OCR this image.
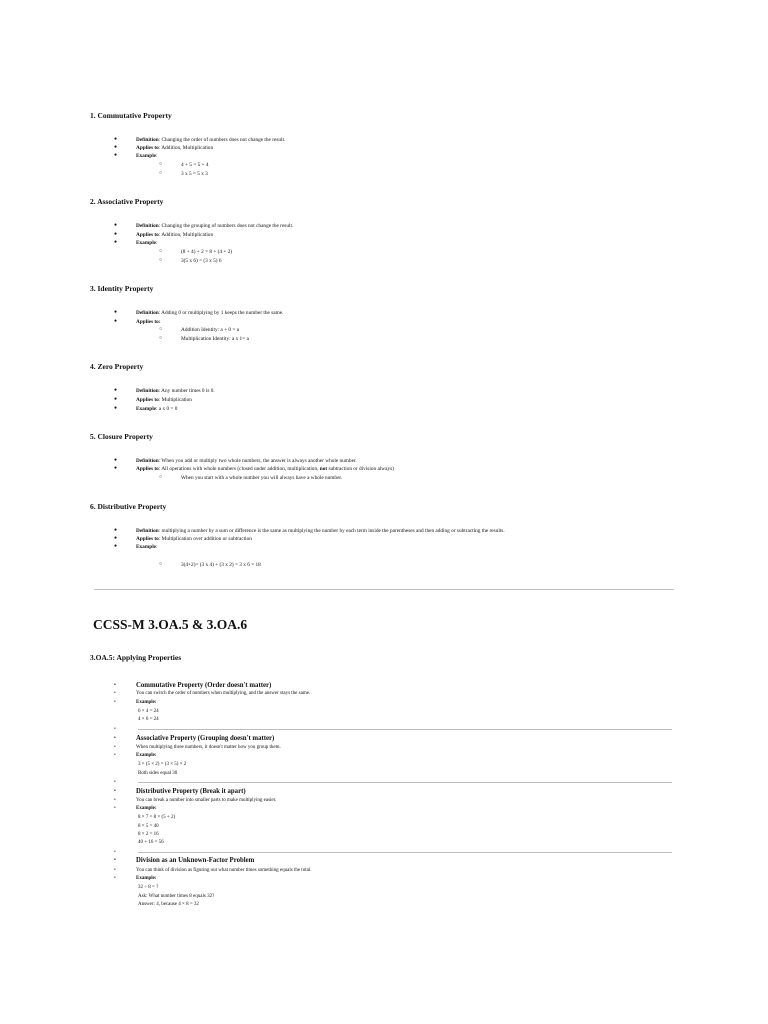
1. Commutative Property
●	Definition: Changing the order of numbers does not change the result.
●	Applies to: Addition, Multiplication
●	Example:
○	4 + 5 = 5 + 4
○	3 x 5 = 5 x 3
2. Associative Property
●	Definition: Changing the grouping of numbers does not change the result.
●	Applies to: Addition, Multiplication
●	Example:
○	(8 + 4) + 2 = 8 + (4 + 2)
○	3(5 x 6) = (3 x 5) 6
3. Identity Property
●	Definition: Adding 0 or multiplying by 1 keeps the number the same.
●	Applies to:
○	Addition Identity: a + 0 = a
○	Multiplication Identity: a x 1= a
4. Zero Property
●	Definition: Any number times 0 is 0.
●	Applies to: Multiplication
●	Example: a x 0 = 0
5. Closure Property
●	Definition: When you add or multiply two whole numbers, the answer is always another whole number.
●	Applies to: All operations with whole numbers (closed under addition, multiplication, not subtraction or division always)
○	When you start with a whole number you will always have a whole number.
6. Distributive Property
●	Definition: multiplying a number by a sum or difference is the same as multiplying the number by each term inside the parentheses and then adding or subtracting the results.
●	Applies to: Multiplication over addition or subtraction
●	Example:
○	3(4+2)= (3 x 4) + (3 x 2) = 3 x 6 = 18
CCSS-M 3.OA.5 & 3.OA.6
3.OA.5: Applying Properties
•	Commutative Property (Order doesn't matter)
•	You can switch the order of numbers when multiplying, and the answer stays the same.
•	Example:
6 × 4 = 24
4 × 6 = 24
•
•	Associative Property (Grouping doesn't matter)
•	When multiplying three numbers, it doesn't matter how you group them.
•	Example:
3 × (5 × 2) = (3 × 5) × 2
Both sides equal 30
•
•	Distributive Property (Break it apart)
•	You can break a number into smaller parts to make multiplying easier.
•	Example:
8 × 7 = 8 × (5 + 2)
8 × 5 = 40
8 × 2 = 16
40 + 16 = 56
•
•	Division as an Unknown-Factor Problem
•	You can think of division as figuring out what number times something equals the total.
•	Example:
32 ÷ 8 = ?
Ask: What number times 8 equals 32?
Answer: 4, because 4 × 8 = 32
